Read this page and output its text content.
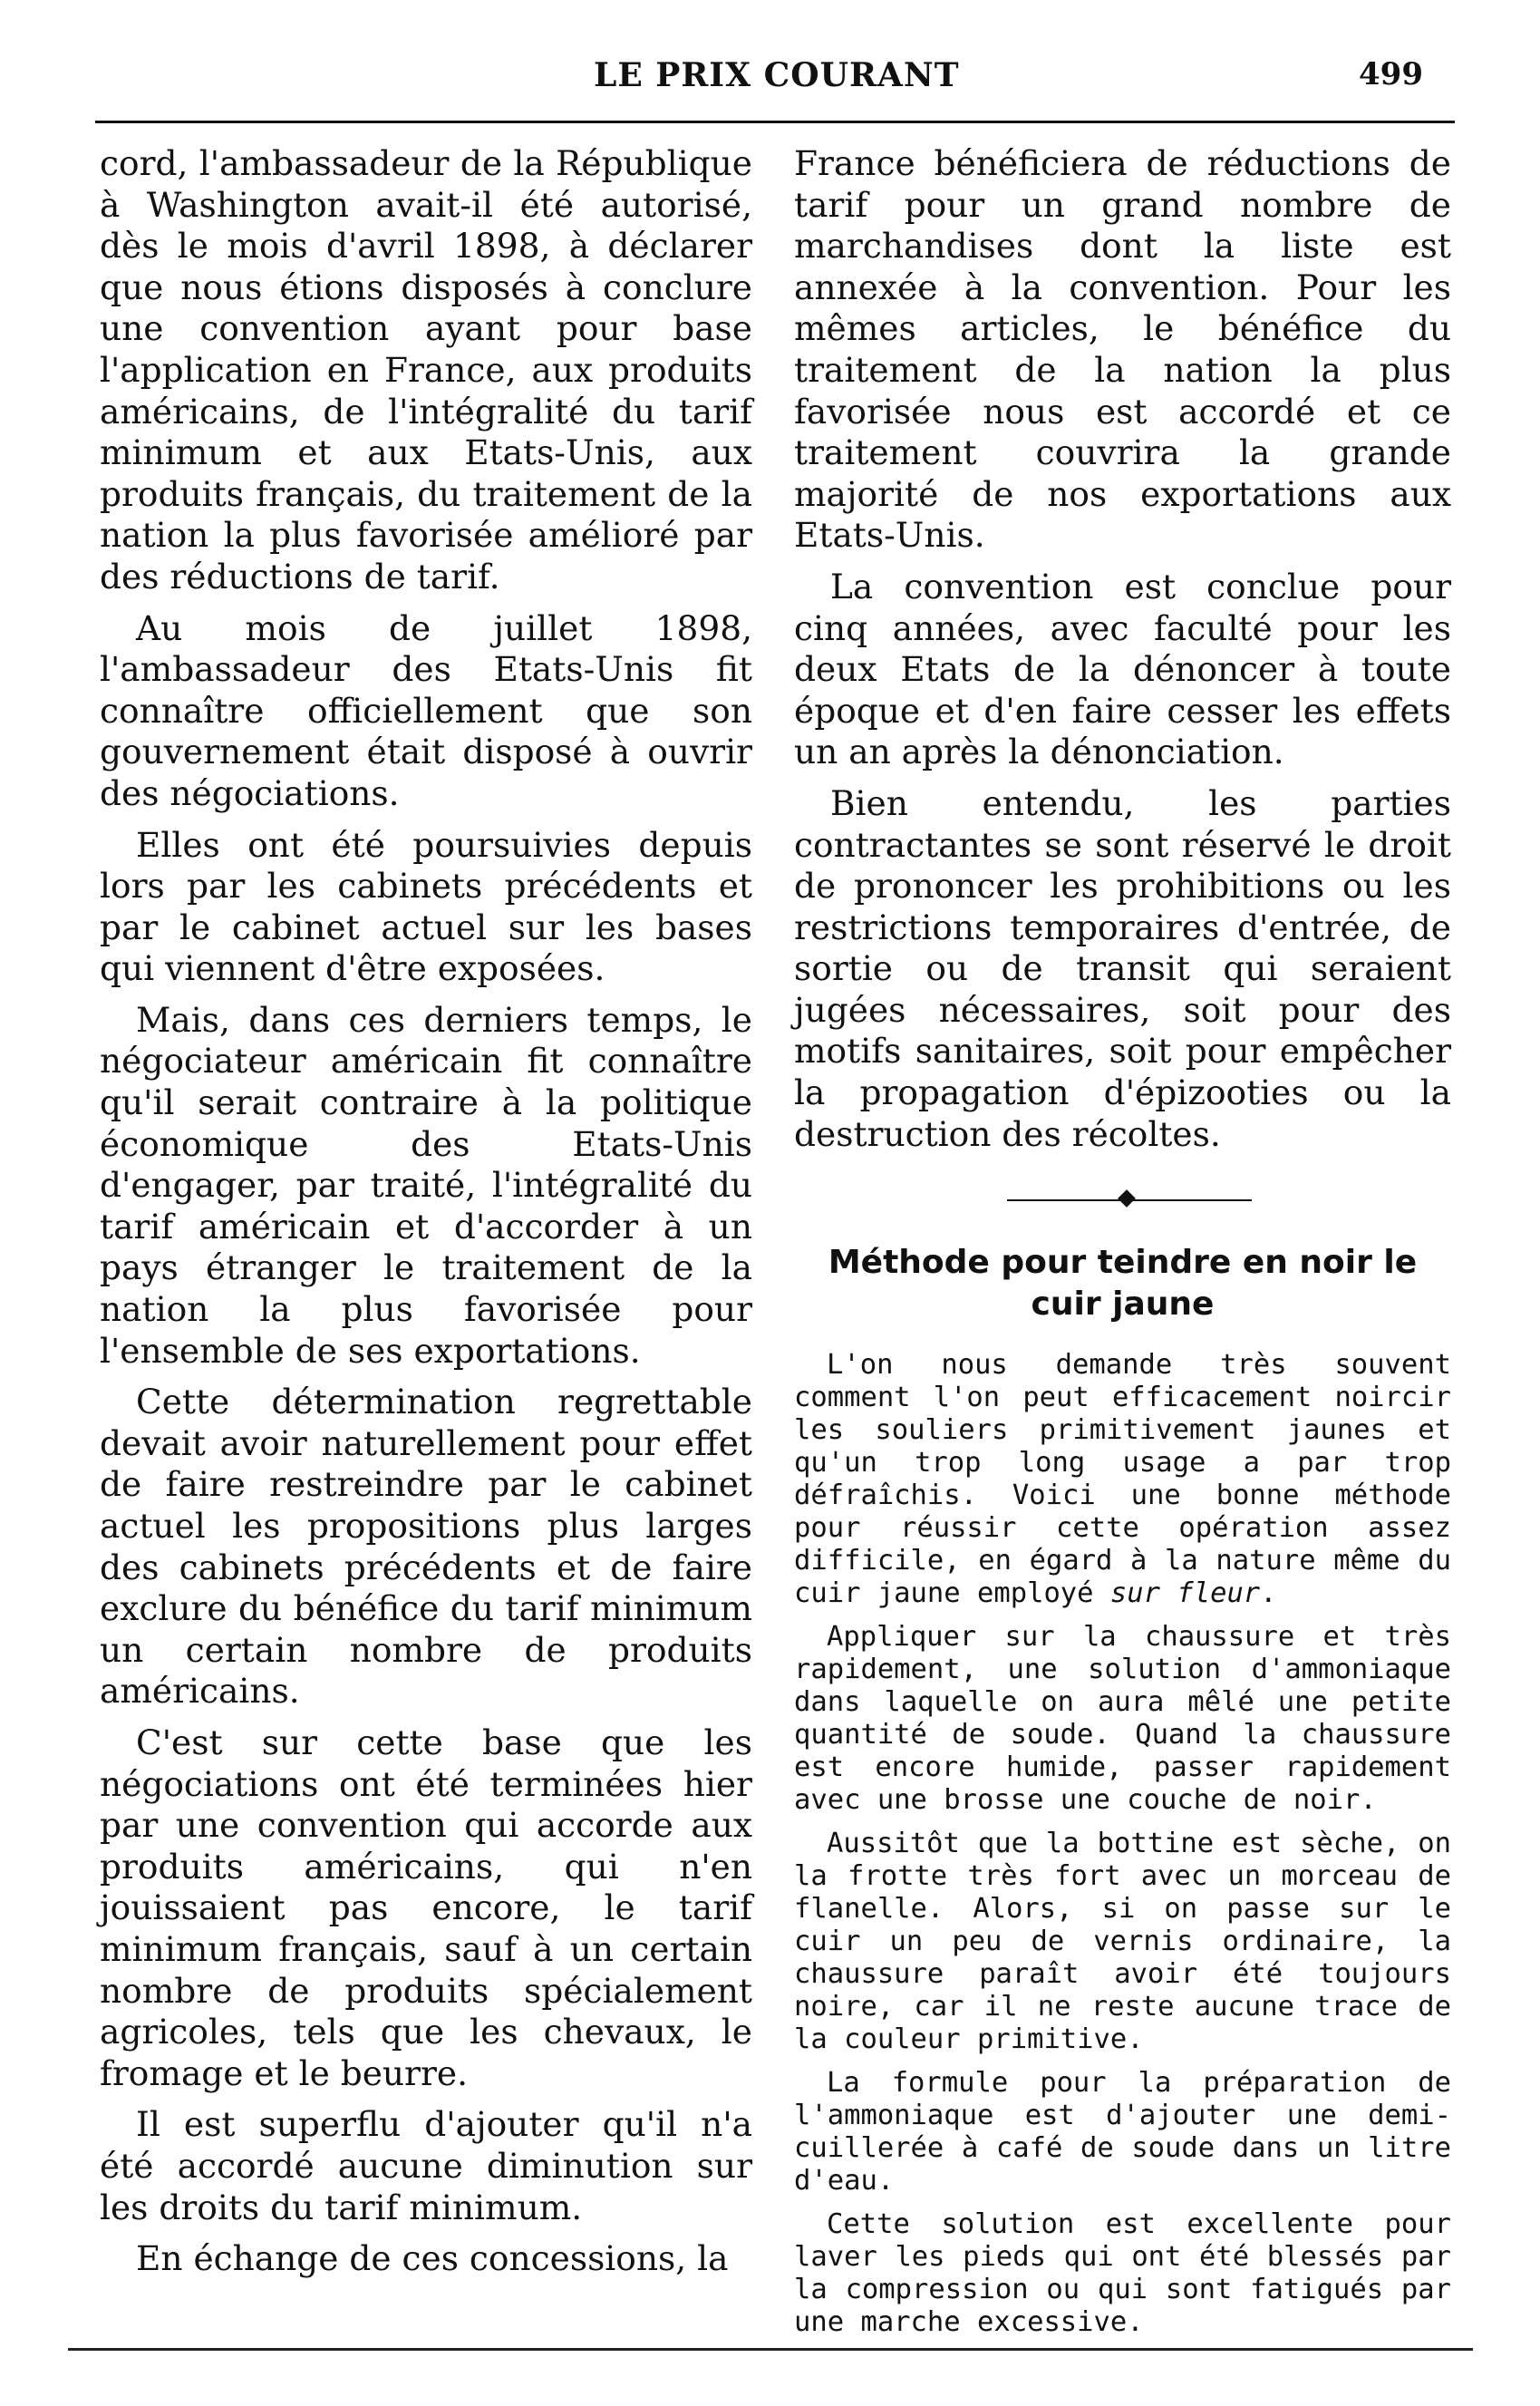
LE PRIX COURANT	499

cord, l'ambassadeur de la République à Washington avait-il été autorisé, dès le mois d'avril 1898, à déclarer que nous étions disposés à conclure une convention ayant pour base l'application en France, aux produits américains, de l'intégralité du tarif minimum et aux Etats-Unis, aux produits français, du traitement de la nation la plus favorisée amélioré par des réductions de tarif.

Au mois de juillet 1898, l'ambassadeur des Etats-Unis fit connaître officiellement que son gouvernement était disposé à ouvrir des négociations.

Elles ont été poursuivies depuis lors par les cabinets précédents et par le cabinet actuel sur les bases qui viennent d'être exposées.

Mais, dans ces derniers temps, le négociateur américain fit connaître qu'il serait contraire à la politique économique des Etats-Unis d'engager, par traité, l'intégralité du tarif américain et d'accorder à un pays étranger le traitement de la nation la plus favorisée pour l'ensemble de ses exportations.

Cette détermination regrettable devait avoir naturellement pour effet de faire restreindre par le cabinet actuel les propositions plus larges des cabinets précédents et de faire exclure du bénéfice du tarif minimum un certain nombre de produits américains.

C'est sur cette base que les négociations ont été terminées hier par une convention qui accorde aux produits américains, qui n'en jouissaient pas encore, le tarif minimum français, sauf à un certain nombre de produits spécialement agricoles, tels que les chevaux, le fromage et le beurre.

Il est superflu d'ajouter qu'il n'a été accordé aucune diminution sur les droits du tarif minimum.

En échange de ces concessions, la

France bénéficiera de réductions de tarif pour un grand nombre de marchandises dont la liste est annexée à la convention. Pour les mêmes articles, le bénéfice du traitement de la nation la plus favorisée nous est accordé et ce traitement couvrira la grande majorité de nos exportations aux Etats-Unis.

La convention est conclue pour cinq années, avec faculté pour les deux Etats de la dénoncer à toute époque et d'en faire cesser les effets un an après la dénonciation.

Bien entendu, les parties contractantes se sont réservé le droit de prononcer les prohibitions ou les restrictions temporaires d'entrée, de sortie ou de transit qui seraient jugées nécessaires, soit pour des motifs sanitaires, soit pour empêcher la propagation d'épizooties ou la destruction des récoltes.

Méthode pour teindre en noir le cuir jaune

L'on nous demande très souvent comment l'on peut efficacement noircir les souliers primitivement jaunes et qu'un trop long usage a par trop défraîchis. Voici une bonne méthode pour réussir cette opération assez difficile, en égard à la nature même du cuir jaune employé sur fleur.

Appliquer sur la chaussure et très rapidement, une solution d'ammoniaque dans laquelle on aura mêlé une petite quantité de soude. Quand la chaussure est encore humide, passer rapidement avec une brosse une couche de noir.

Aussitôt que la bottine est sèche, on la frotte très fort avec un morceau de flanelle. Alors, si on passe sur le cuir un peu de vernis ordinaire, la chaussure paraît avoir été toujours noire, car il ne reste aucune trace de la couleur primitive.

La formule pour la préparation de l'ammoniaque est d'ajouter une demi-cuillerée à café de soude dans un litre d'eau.

Cette solution est excellente pour laver les pieds qui ont été blessés par la compression ou qui sont fatigués par une marche excessive.
